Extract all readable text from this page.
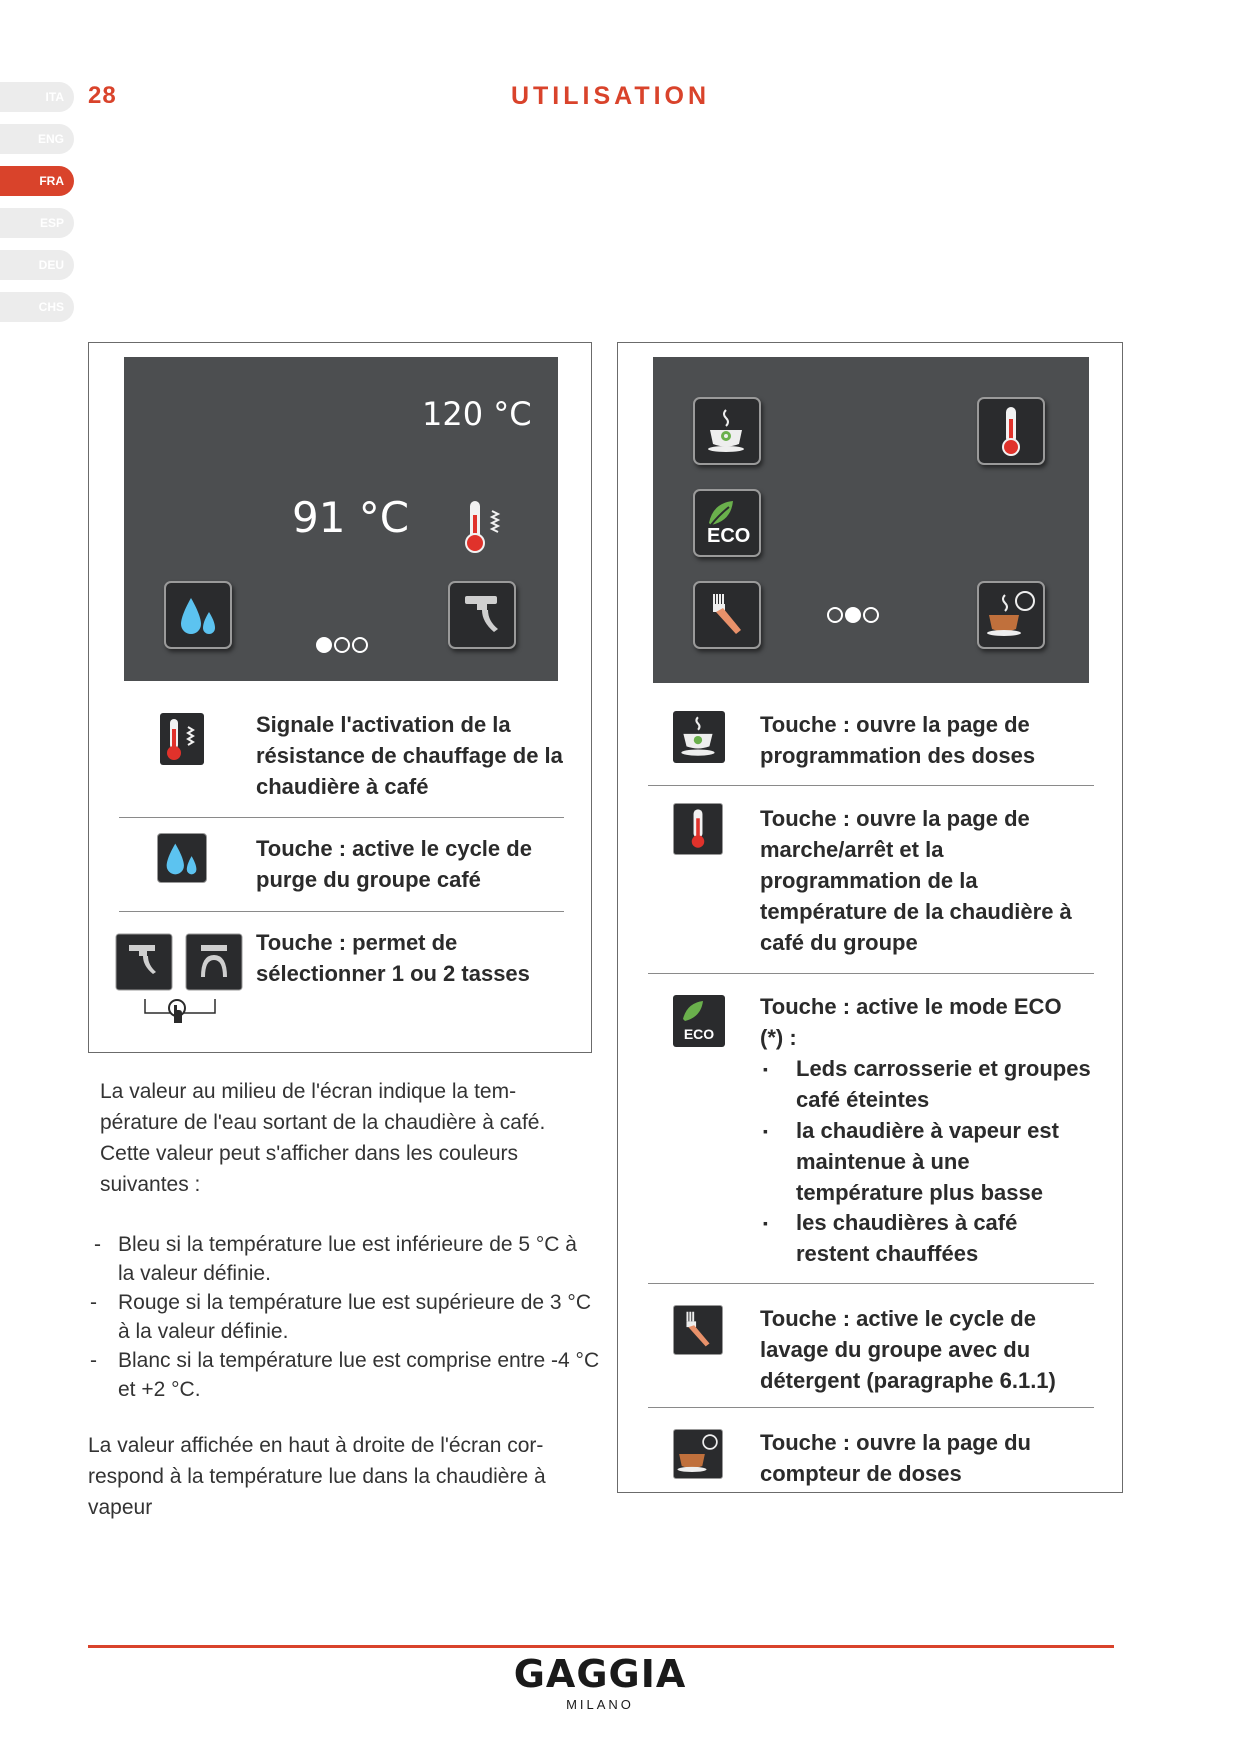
ITA
ENG
FRA
ESP
DEU
CHS
28	UTILISATION
120 °C
91 °C
Signale l'activation de la résistance de chauffage de la chaudière à café
Touche : active le cycle de purge du groupe café
Touche : permet de sélectionner 1 ou 2 tasses
La valeur au milieu de l'écran indique la tem-pérature de l'eau sortant de la chaudière à café. Cette valeur peut s'afficher dans les couleurs suivantes :
- Bleu si la température lue est inférieure de 5 °C à la valeur définie.
- Rouge si la température lue est supérieure de 3 °C à la valeur définie.
- Blanc si la température lue est comprise entre -4 °C et +2 °C.
La valeur affichée en haut à droite de l'écran cor-respond à la température lue dans la chaudière à vapeur
ECO
Touche : ouvre la page de programmation des doses
Touche : ouvre la page de marche/arrêt et la programmation de la température de la chaudière à café du groupe
ECO
Touche : active le mode ECO (*) :
▪ Leds carrosserie et groupes café éteintes
▪ la chaudière à vapeur est maintenue à une température plus basse
▪ les chaudières à café restent chauffées
Touche : active le cycle de lavage du groupe avec du détergent (paragraphe 6.1.1)
Touche : ouvre la page du compteur de doses
GAGGIA
MILANO
